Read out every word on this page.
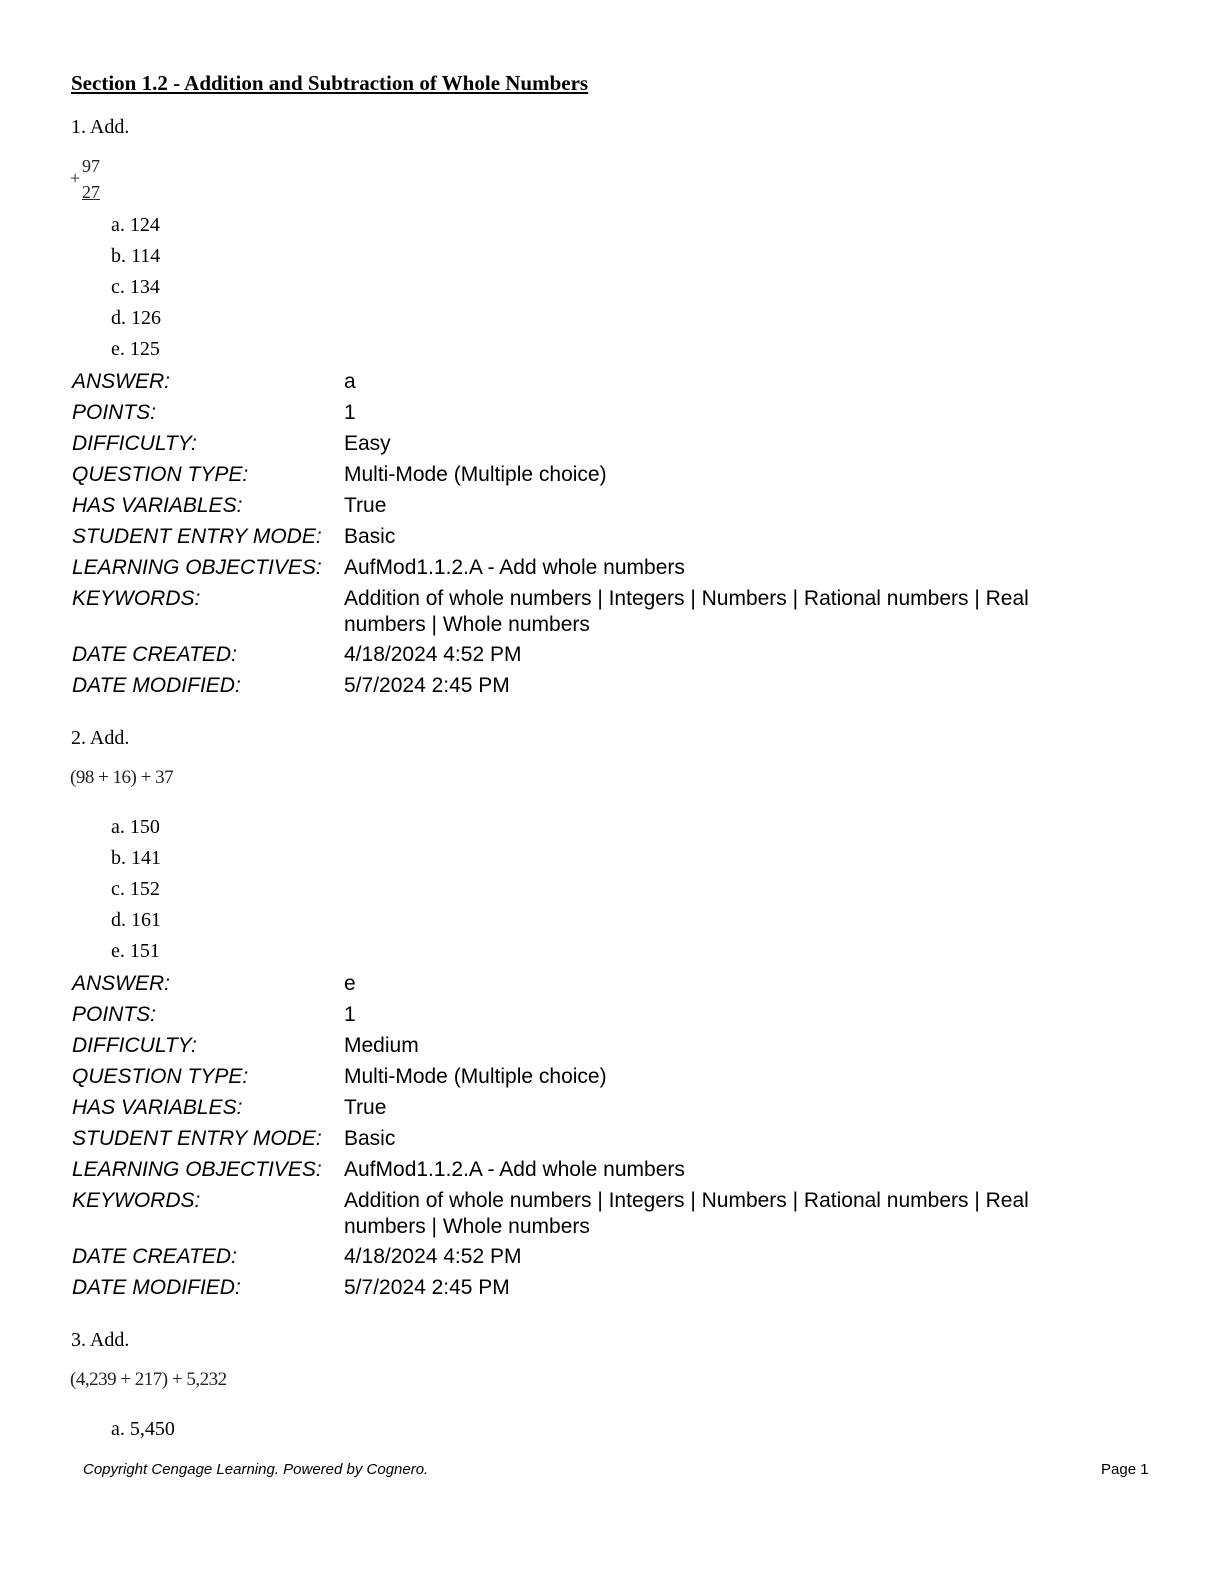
Section 1.2 - Addition and Subtraction of Whole Numbers
1. Add.
+
97
27
a. 124
b. 114
c. 134
d. 126
e. 125
ANSWER:	a
POINTS:	1
DIFFICULTY:	Easy
QUESTION TYPE:	Multi-Mode (Multiple choice)
HAS VARIABLES:	True
STUDENT ENTRY MODE: Basic
LEARNING OBJECTIVES: AufMod1.1.2.A - Add whole numbers
KEYWORDS:	Addition of whole numbers | Integers | Numbers | Rational numbers | Real numbers | Whole numbers
DATE CREATED:	4/18/2024 4:52 PM
DATE MODIFIED:	5/7/2024 2:45 PM
2. Add.
(98 + 16) + 37
a. 150
b. 141
c. 152
d. 161
e. 151
ANSWER:	e
POINTS:	1
DIFFICULTY:	Medium
QUESTION TYPE:	Multi-Mode (Multiple choice)
HAS VARIABLES:	True
STUDENT ENTRY MODE: Basic
LEARNING OBJECTIVES: AufMod1.1.2.A - Add whole numbers
KEYWORDS:	Addition of whole numbers | Integers | Numbers | Rational numbers | Real numbers | Whole numbers
DATE CREATED:	4/18/2024 4:52 PM
DATE MODIFIED:	5/7/2024 2:45 PM
3. Add.
(4,239 + 217) + 5,232
a. 5,450
Copyright Cengage Learning. Powered by Cognero.	Page 1
